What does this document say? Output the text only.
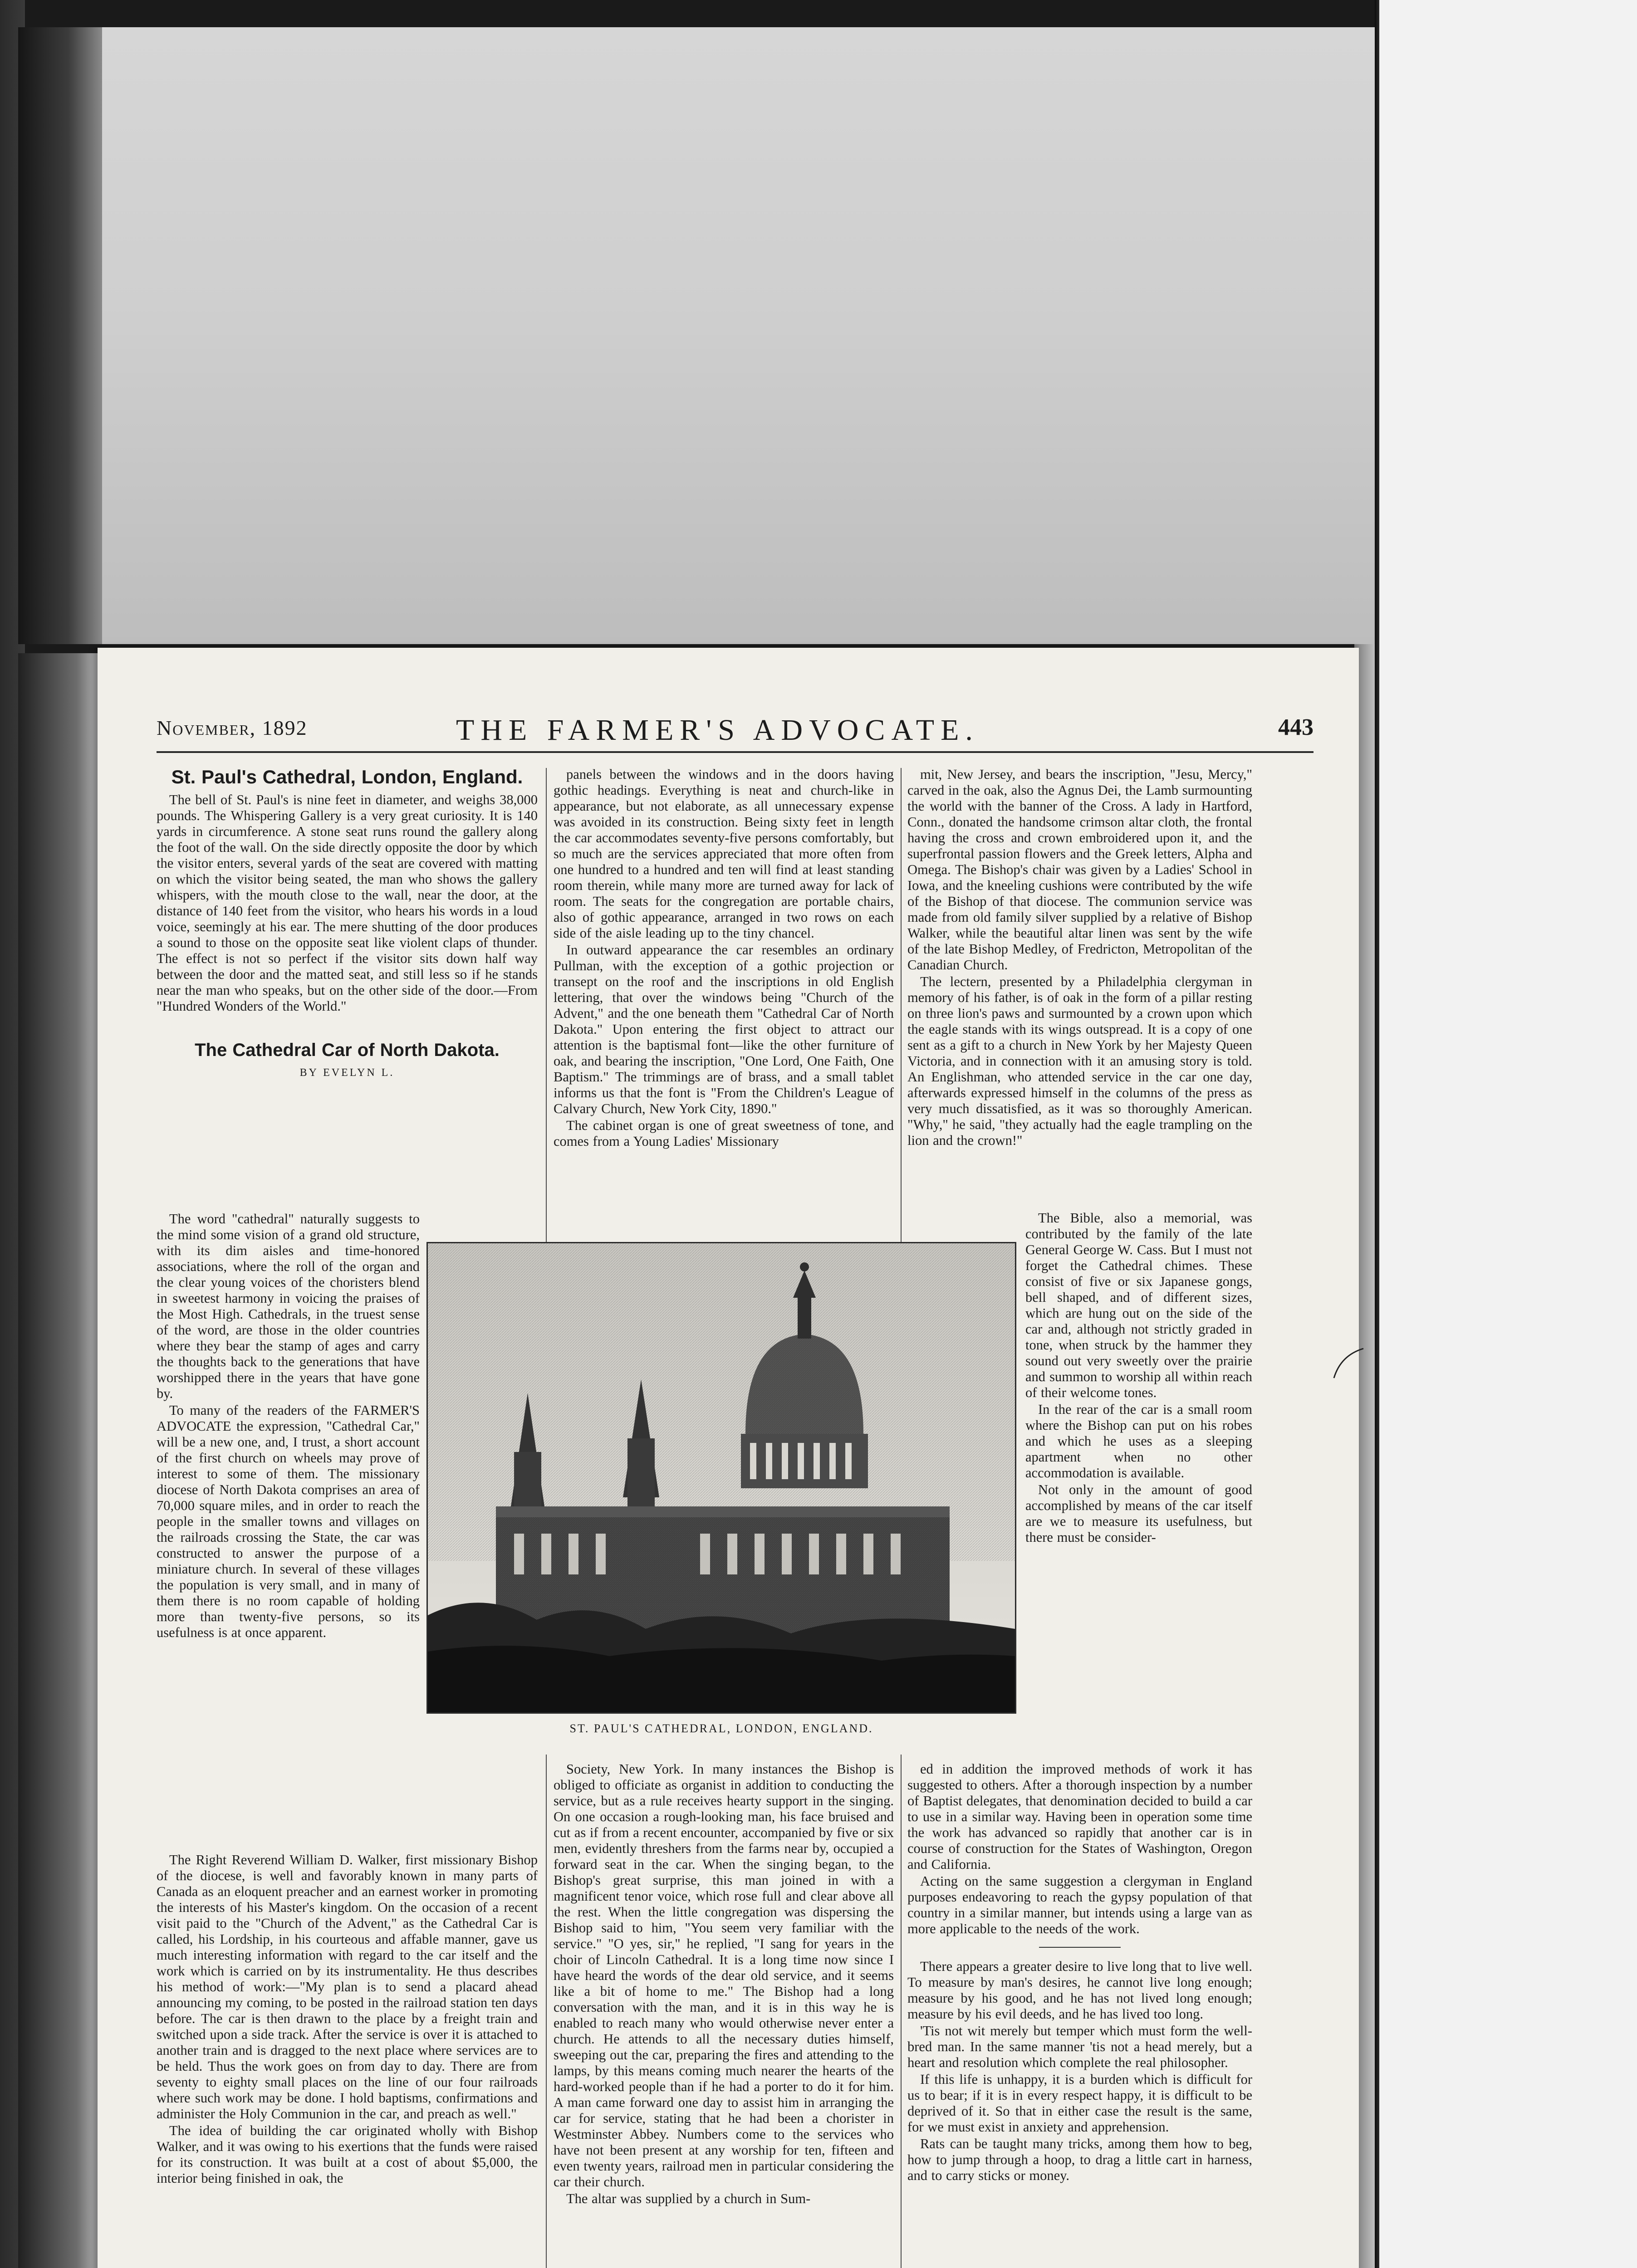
November, 1892	THE FARMER'S ADVOCATE.	443
St. Paul's Cathedral, London, England.

The bell of St. Paul's is nine feet in diameter, and weighs 38,000 pounds. The Whispering Gallery is a very great curiosity. It is 140 yards in circumference. A stone seat runs round the gallery along the foot of the wall. On the side directly opposite the door by which the visitor enters, several yards of the seat are covered with matting on which the visitor being seated, the man who shows the gallery whispers, with the mouth close to the wall, near the door, at the distance of 140 feet from the visitor, who hears his words in a loud voice, seemingly at his ear. The mere shutting of the door produces a sound to those on the opposite seat like violent claps of thunder. The effect is not so perfect if the visitor sits down half way between the door and the matted seat, and still less so if he stands near the man who speaks, but on the other side of the door.—From "Hundred Wonders of the World."

The Cathedral Car of North Dakota.
BY EVELYN L.

The word "cathedral" naturally suggests to the mind some vision of a grand old structure, with its dim aisles and time-honored associations, where the roll of the organ and the clear young voices of the choristers blend in sweetest harmony in voicing the praises of the Most High. Cathedrals, in the truest sense of the word, are those in the older countries where they bear the stamp of ages and carry the thoughts back to the generations that have worshipped there in the years that have gone by.

To many of the readers of the FARMER'S ADVOCATE the expression, "Cathedral Car," will be a new one, and, I trust, a short account of the first church on wheels may prove of interest to some of them. The missionary diocese of North Dakota comprises an area of 70,000 square miles, and in order to reach the people in the smaller towns and villages on the railroads crossing the State, the car was constructed to answer the purpose of a miniature church. In several of these villages the population is very small, and in many of them there is no room capable of holding more than twenty-five persons, so its usefulness is at once apparent.

The Right Reverend William D. Walker, first missionary Bishop of the diocese, is well and favorably known in many parts of Canada as an eloquent preacher and an earnest worker in promoting the interests of his Master's kingdom. On the occasion of a recent visit paid to the "Church of the Advent," as the Cathedral Car is called, his Lordship, in his courteous and affable manner, gave us much interesting information with regard to the car itself and the work which is carried on by its instrumentality. He thus describes his method of work:—"My plan is to send a placard ahead announcing my coming, to be posted in the railroad station ten days before. The car is then drawn to the place by a freight train and switched upon a side track. After the service is over it is attached to another train and is dragged to the next place where services are to be held. Thus the work goes on from day to day. There are from seventy to eighty small places on the line of our four railroads where such work may be done. I hold baptisms, confirmations and administer the Holy Communion in the car, and preach as well."

The idea of building the car originated wholly with Bishop Walker, and it was owing to his exertions that the funds were raised for its construction. It was built at a cost of about $5,000, the interior being finished in oak, the

panels between the windows and in the doors having gothic headings. Everything is neat and church-like in appearance, but not elaborate, as all unnecessary expense was avoided in its construction. Being sixty feet in length the car accommodates seventy-five persons comfortably, but so much are the services appreciated that more often from one hundred to a hundred and ten will find at least standing room therein, while many more are turned away for lack of room. The seats for the congregation are portable chairs, also of gothic appearance, arranged in two rows on each side of the aisle leading up to the tiny chancel.

In outward appearance the car resembles an ordinary Pullman, with the exception of a gothic projection or transept on the roof and the inscriptions in old English lettering, that over the windows being "Church of the Advent," and the one beneath them "Cathedral Car of North Dakota." Upon entering the first object to attract our attention is the baptismal font—like the other furniture of oak, and bearing the inscription, "One Lord, One Faith, One Baptism." The trimmings are of brass, and a small tablet informs us that the font is "From the Children's League of Calvary Church, New York City, 1890."

The cabinet organ is one of great sweetness of tone, and comes from a Young Ladies' Missionary

Society, New York. In many instances the Bishop is obliged to officiate as organist in addition to conducting the service, but as a rule receives hearty support in the singing. On one occasion a rough-looking man, his face bruised and cut as if from a recent encounter, accompanied by five or six men, evidently threshers from the farms near by, occupied a forward seat in the car. When the singing began, to the Bishop's great surprise, this man joined in with a magnificent tenor voice, which rose full and clear above all the rest. When the little congregation was dispersing the Bishop said to him, "You seem very familiar with the service." "O yes, sir," he replied, "I sang for years in the choir of Lincoln Cathedral. It is a long time now since I have heard the words of the dear old service, and it seems like a bit of home to me." The Bishop had a long conversation with the man, and it is in this way he is enabled to reach many who would otherwise never enter a church. He attends to all the necessary duties himself, sweeping out the car, preparing the fires and attending to the lamps, by this means coming much nearer the hearts of the hard-worked people than if he had a porter to do it for him. A man came forward one day to assist him in arranging the car for service, stating that he had been a chorister in Westminster Abbey. Numbers come to the services who have not been present at any worship for ten, fifteen and even twenty years, railroad men in particular considering the car their church.

The altar was supplied by a church in Sum-

mit, New Jersey, and bears the inscription, "Jesu, Mercy," carved in the oak, also the Agnus Dei, the Lamb surmounting the world with the banner of the Cross. A lady in Hartford, Conn., donated the handsome crimson altar cloth, the frontal having the cross and crown embroidered upon it, and the superfrontal passion flowers and the Greek letters, Alpha and Omega. The Bishop's chair was given by a Ladies' School in Iowa, and the kneeling cushions were contributed by the wife of the Bishop of that diocese. The communion service was made from old family silver supplied by a relative of Bishop Walker, while the beautiful altar linen was sent by the wife of the late Bishop Medley, of Fredricton, Metropolitan of the Canadian Church.

The lectern, presented by a Philadelphia clergyman in memory of his father, is of oak in the form of a pillar resting on three lion's paws and surmounted by a crown upon which the eagle stands with its wings outspread. It is a copy of one sent as a gift to a church in New York by her Majesty Queen Victoria, and in connection with it an amusing story is told. An Englishman, who attended service in the car one day, afterwards expressed himself in the columns of the press as very much dissatisfied, as it was so thoroughly American. "Why," he said, "they actually had the eagle trampling on the lion and the crown!"

The Bible, also a memorial, was contributed by the family of the late General George W. Cass. But I must not forget the Cathedral chimes. These consist of five or six Japanese gongs, bell shaped, and of different sizes, which are hung out on the side of the car and, although not strictly graded in tone, when struck by the hammer they sound out very sweetly over the prairie and summon to worship all within reach of their welcome tones.

In the rear of the car is a small room where the Bishop can put on his robes and which he uses as a sleeping apartment when no other accommodation is available.

Not only in the amount of good accomplished by means of the car itself are we to measure its usefulness, but there must be consider-

ed in addition the improved methods of work it has suggested to others. After a thorough inspection by a number of Baptist delegates, that denomination decided to build a car to use in a similar way. Having been in operation some time the work has advanced so rapidly that another car is in course of construction for the States of Washington, Oregon and California.

Acting on the same suggestion a clergyman in England purposes endeavoring to reach the gypsy population of that country in a similar manner, but intends using a large van as more applicable to the needs of the work.

There appears a greater desire to live long that to live well. To measure by man's desires, he cannot live long enough; measure by his good, and he has not lived long enough; measure by his evil deeds, and he has lived too long.

'Tis not wit merely but temper which must form the well-bred man. In the same manner 'tis not a head merely, but a heart and resolution which complete the real philosopher.

If this life is unhappy, it is a burden which is difficult for us to bear; if it is in every respect happy, it is difficult to be deprived of it. So that in either case the result is the same, for we must exist in anxiety and apprehension.

Rats can be taught many tricks, among them how to beg, how to jump through a hoop, to drag a little cart in harness, and to carry sticks or money.

ST. PAUL'S CATHEDRAL, LONDON, ENGLAND.
